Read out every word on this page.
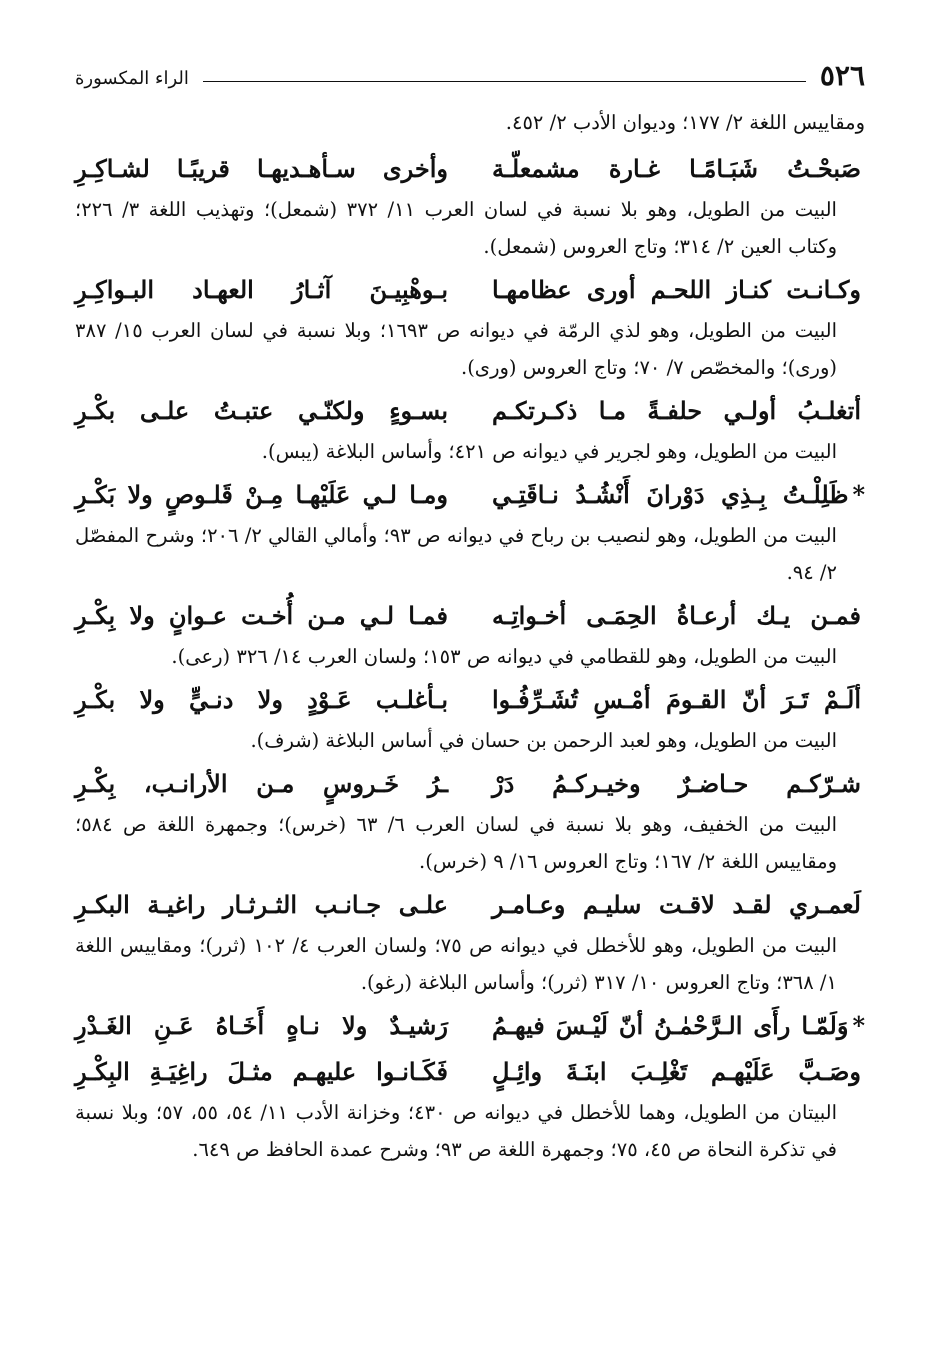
٥٢٦
الراء المكسورة

ومقاييس اللغة ٢/ ١٧٧؛ وديوان الأدب ٢/ ٤٥٢.

صَبحْـتُ شَبَـامًـا غـارة مشمعلّـة
وأخرى سـأهـديهـا قريبًـا لشـاكِـرِ

البيت من الطويل، وهو بلا نسبة في لسان العرب ١١/ ٣٧٢ (شمعل)؛ وتهذيب اللغة ٣/ ٢٢٦؛ وكتاب العين ٢/ ٣١٤؛ وتاج العروس (شمعل).

وكـانـت كنـاز اللحـم أورى عظامهـا
بـوهْبِيـنَ آثـارُ العهـاد البـواكِـرِ

البيت من الطويل، وهو لذي الرمّة في ديوانه ص ١٦٩٣؛ وبلا نسبة في لسان العرب ١٥/ ٣٨٧ (ورى)؛ والمخصّص ٧/ ٧٠؛ وتاج العروس (ورى).

أتغلـبُ أولـي حلفـةً مـا ذكـرتكـم
بسـوءٍ ولكنّـي عتبـتُ علـى بكْـرِ

البيت من الطويل، وهو لجرير في ديوانه ص ٤٢١؛ وأساس البلاغة (يبس).

*ظَلِلْـتُ بِـذِي دَوْرانَ أَنْشُـدُ نـاقَتِـي
ومـا لـي عَلَيْهـا مِـنْ قَلـوصٍ ولا بَكْـرِ

البيت من الطويل، وهو لنصيب بن رباح في ديوانه ص ٩٣؛ وأمالي القالي ٢/ ٢٠٦؛ وشرح المفصّل ٢/ ٩٤.

فمـن يـك أرعـاةُ الحِمَـى أخـواتِـه
فمـا لـي مـن أُخـت عـوانٍ ولا بِكْـرِ

البيت من الطويل، وهو للقطامي في ديوانه ص ١٥٣؛ ولسان العرب ١٤/ ٣٢٦ (رعى).

ألَـمْ تَـرَ أنّ القـومَ أمْـسِ تُشَـرِّفُـوا
بـأغلـب عَـوْدٍ ولا دنـيٍّ ولا بكْـرِ

البيت من الطويل، وهو لعبد الرحمن بن حسان في أساس البلاغة (شرف).

شـرّكـم حـاضـرٌ وخيـركـمُ دَرْ
ـرُ خَـروسٍ مـن الأرانـب، بِكْـرِ

البيت من الخفيف، وهو بلا نسبة في لسان العرب ٦/ ٦٣ (خرس)؛ وجمهرة اللغة ص ٥٨٤؛ ومقاييس اللغة ٢/ ١٦٧؛ وتاج العروس ١٦/ ٩ (خرس).

لَعمـري لقـد لاقـت سليـم وعـامـر
علـى جـانـب الثـرثـار راغيـة البكـرِ

البيت من الطويل، وهو للأخطل في ديوانه ص ٧٥؛ ولسان العرب ٤/ ١٠٢ (ثرر)؛ ومقاييس اللغة ١/ ٣٦٨؛ وتاج العروس ١٠/ ٣١٧ (ثرر)؛ وأساس البلاغة (رغو).

*وَلَمّـا رأَى الـرَّحْمٰـنُ أنّ لَيْـسَ فيهـمُ
رَشيـدٌ ولا نـاهٍ أَخَـاهُ عَـنِ الغَـدْرِ
وصَـبَّ عَلَيْهـم تَغْلِـبَ ابنَـةَ وائِـلٍ
فَكَـانـوا عليهـم مثـلَ راغِيَـةِ البِكْـرِ

البيتان من الطويل، وهما للأخطل في ديوانه ص ٤٣٠؛ وخزانة الأدب ١١/ ٥٤، ٥٥، ٥٧؛ وبلا نسبة في تذكرة النحاة ص ٤٥، ٧٥؛ وجمهرة اللغة ص ٩٣؛ وشرح عمدة الحافظ ص ٦٤٩.
